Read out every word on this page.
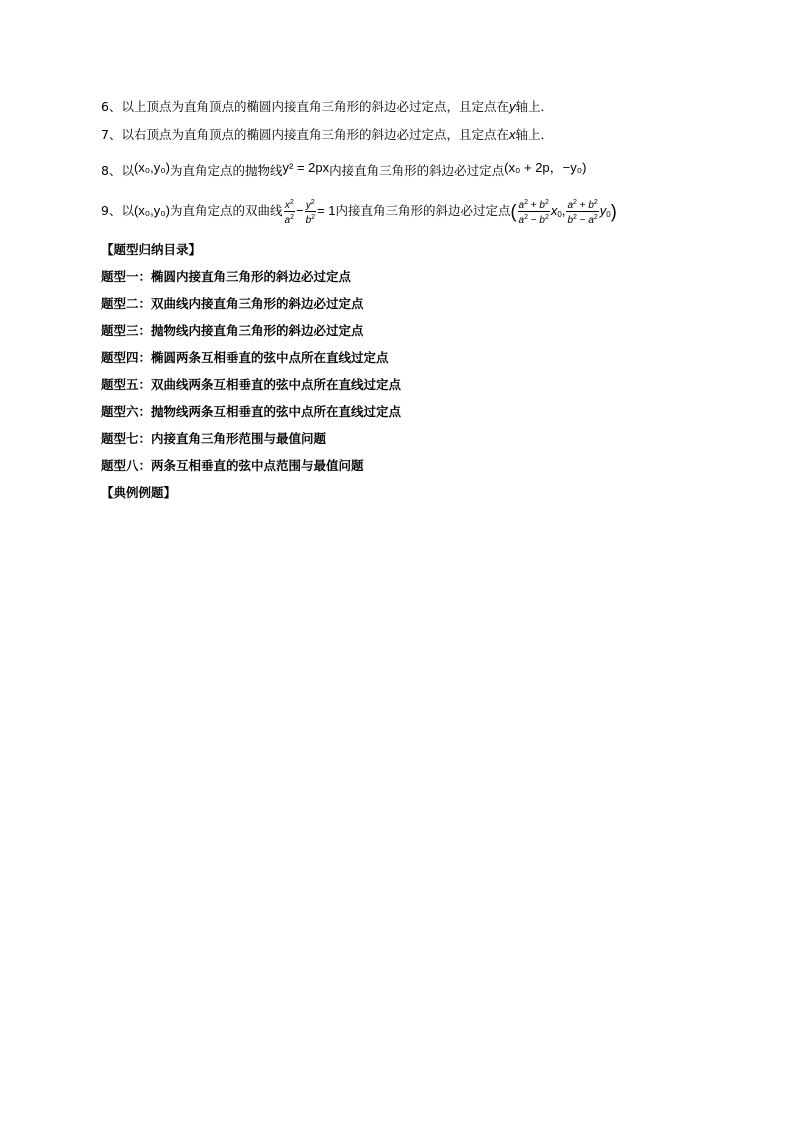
6、以上顶点为直角顶点的椭圆内接直角三角形的斜边必过定点，且定点在y轴上．
7、以右顶点为直角顶点的椭圆内接直角三角形的斜边必过定点，且定点在x轴上．
8、以(x₀,y₀)为直角定点的抛物线y² = 2px内接直角三角形的斜边必过定点(x₀ + 2p，−y₀)
9、以(x₀,y₀)为直角定点的双曲线 $\frac{x^2}{a^2} - \frac{y^2}{b^2} = 1$内接直角三角形的斜边必过定点( $\frac{a^2 + b^2}{a^2 - b^2} x_0$, $\frac{a^2 + b^2}{b^2 - a^2} y_0$)
【题型归纳目录】
题型一：椭圆内接直角三角形的斜边必过定点
题型二：双曲线内接直角三角形的斜边必过定点
题型三：抛物线内接直角三角形的斜边必过定点
题型四：椭圆两条互相垂直的弦中点所在直线过定点
题型五：双曲线两条互相垂直的弦中点所在直线过定点
题型六：抛物线两条互相垂直的弦中点所在直线过定点
题型七：内接直角三角形范围与最值问题
题型八：两条互相垂直的弦中点范围与最值问题
【典例例题】
